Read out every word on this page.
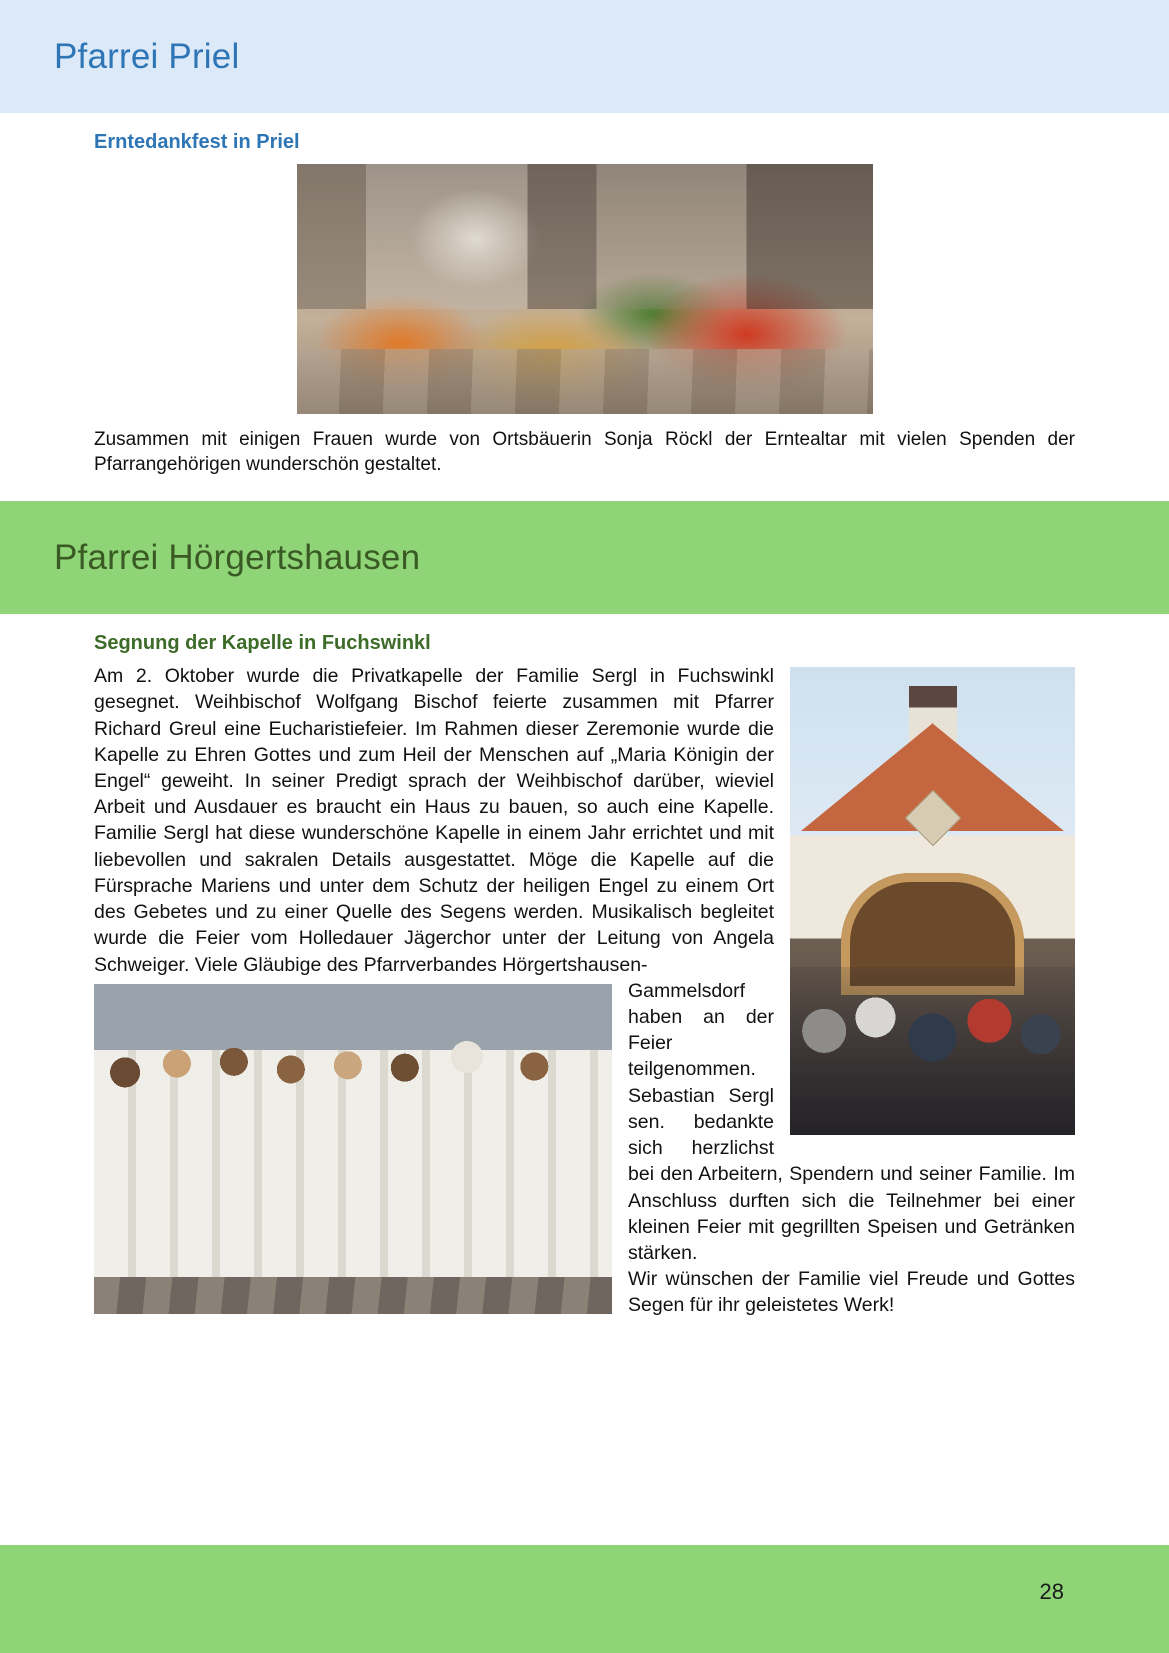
Pfarrei Priel
Erntedankfest in Priel
Zusammen mit einigen Frauen wurde von Ortsbäuerin Sonja Röckl der Erntealtar mit vielen Spenden der Pfarrangehörigen wunderschön gestaltet.
Pfarrei Hörgertshausen
Segnung der Kapelle in Fuchswinkl

Am 2. Oktober wurde die Privatkapelle der Familie Sergl in Fuchswinkl gesegnet. Weihbischof Wolfgang Bischof feierte zusammen mit Pfarrer Richard Greul eine Eucharistiefeier. Im Rahmen dieser Zeremonie wurde die Kapelle zu Ehren Gottes und zum Heil der Menschen auf „Maria Königin der Engel“ geweiht. In seiner Predigt sprach der Weihbischof darüber, wieviel Arbeit und Ausdauer es braucht ein Haus zu bauen, so auch eine Kapelle. Familie Sergl hat diese wunderschöne Kapelle in einem Jahr errichtet und mit liebevollen und sakralen Details ausgestattet. Möge die Kapelle auf die Fürsprache Mariens und unter dem Schutz der heiligen Engel zu einem Ort des Gebetes und zu einer Quelle des Segens werden. Musikalisch begleitet wurde die Feier vom Holledauer Jägerchor unter der Leitung von Angela Schweiger. Viele Gläubige des Pfarrverbandes Hörgertshausen-

Gammelsdorf haben an der Feier teilgenommen. Sebastian Sergl sen. bedankte sich herzlichst bei den Arbeitern, Spendern und seiner Familie. Im Anschluss durften sich die Teilnehmer bei einer kleinen Feier mit gegrillten Speisen und Getränken stärken.

Wir wünschen der Familie viel Freude und Gottes Segen für ihr geleistetes Werk!

28
